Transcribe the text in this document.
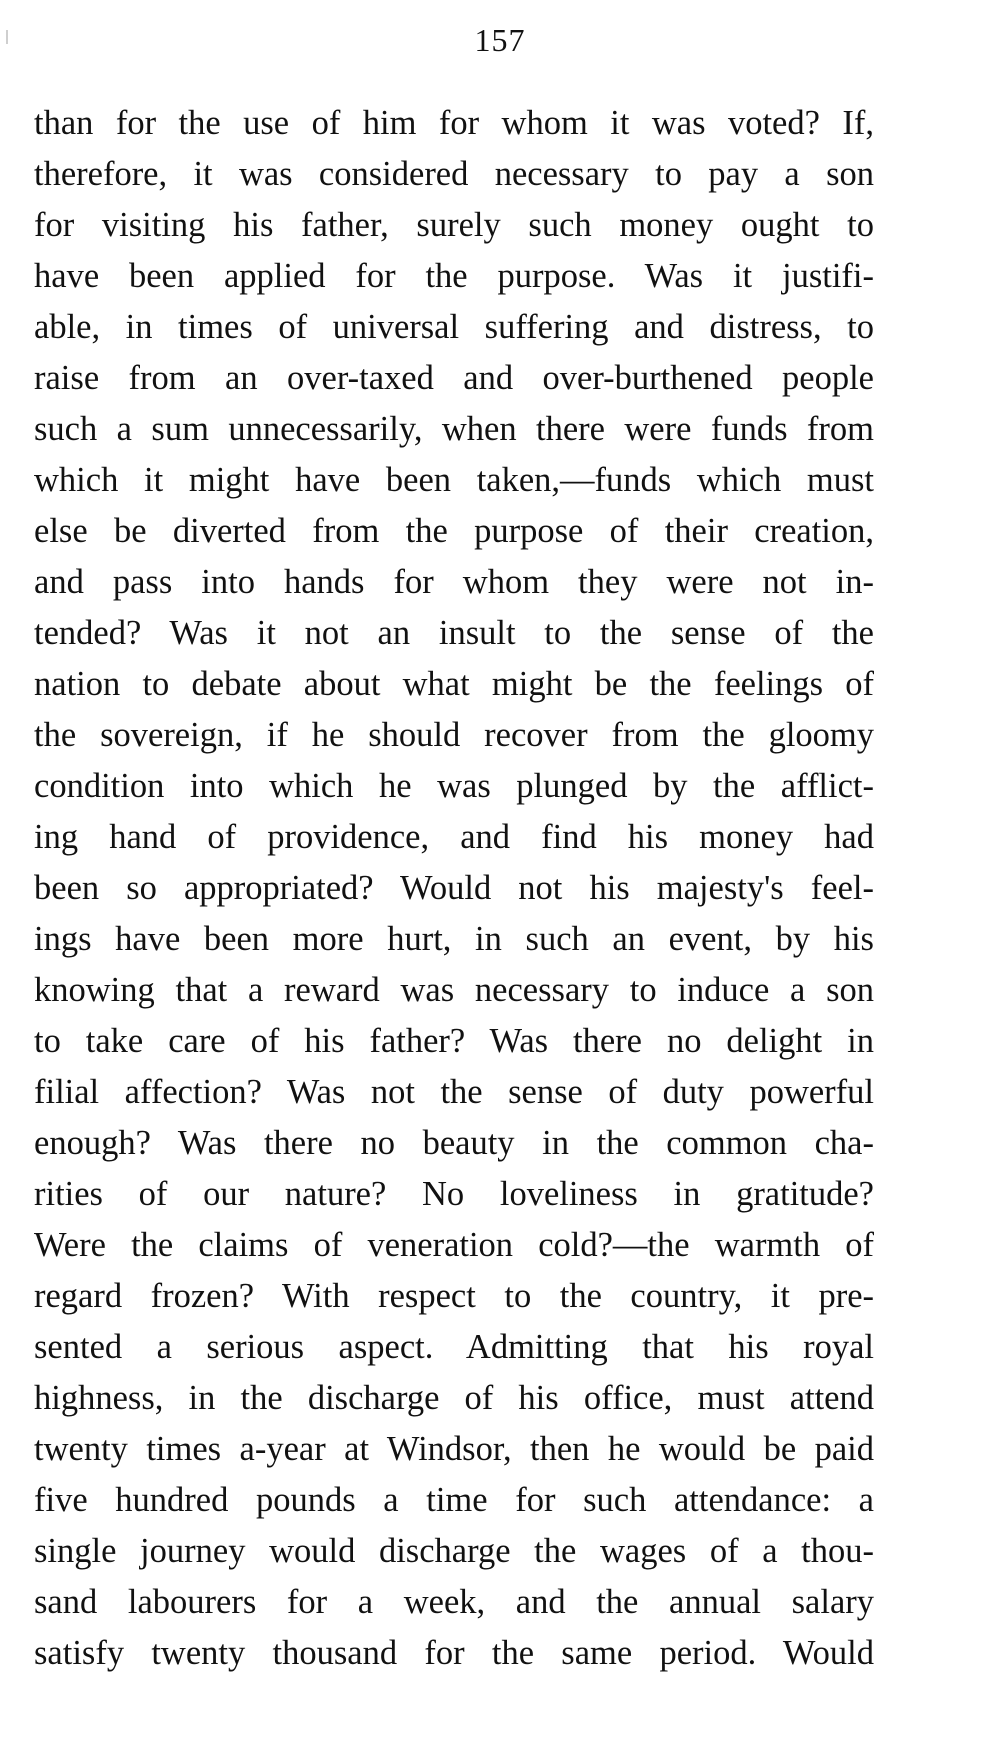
157
than for the use of him for whom it was voted? If,
therefore, it was considered necessary to pay a son
for visiting his father, surely such money ought to
have been applied for the purpose. Was it justifi-
able, in times of universal suffering and distress, to
raise from an over-taxed and over-burthened people
such a sum unnecessarily, when there were funds from
which it might have been taken,—funds which must
else be diverted from the purpose of their creation,
and pass into hands for whom they were not in-
tended? Was it not an insult to the sense of the
nation to debate about what might be the feelings of
the sovereign, if he should recover from the gloomy
condition into which he was plunged by the afflict-
ing hand of providence, and find his money had
been so appropriated? Would not his majesty's feel-
ings have been more hurt, in such an event, by his
knowing that a reward was necessary to induce a son
to take care of his father? Was there no delight in
filial affection? Was not the sense of duty powerful
enough? Was there no beauty in the common cha-
rities of our nature? No loveliness in gratitude?
Were the claims of veneration cold?—the warmth of
regard frozen? With respect to the country, it pre-
sented a serious aspect. Admitting that his royal
highness, in the discharge of his office, must attend
twenty times a-year at Windsor, then he would be paid
five hundred pounds a time for such attendance: a
single journey would discharge the wages of a thou-
sand labourers for a week, and the annual salary
satisfy twenty thousand for the same period. Would
